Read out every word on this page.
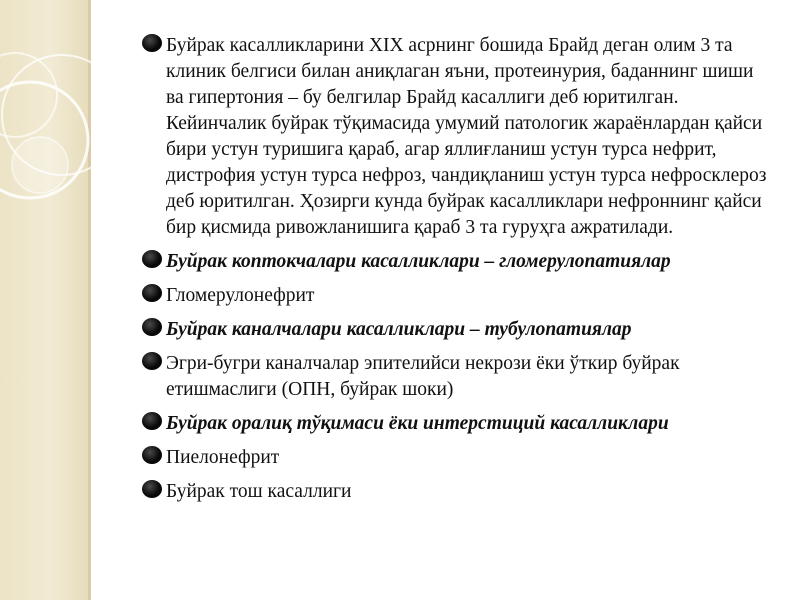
Буйрак касалликларини XIX асрнинг бошида Брайд деган олим 3 та клиник белгиси билан аниқлаган яъни, протеинурия, баданнинг шиши ва гипертония – бу белгилар Брайд касаллиги деб юритилган. Кейинчалик буйрак тўқимасида умумий патологик жараёнлардан қайси бири устун туришига қараб, агар яллиғланиш устун турса нефрит, дистрофия устун турса нефроз, чандиқланиш устун турса нефросклероз деб юритилган. Ҳозирги кунда буйрак касалликлари нефроннинг қайси бир қисмида ривожланишига қараб 3 та гуруҳга ажратилади.
Буйрак коптокчалари касалликлари – гломерулопатиялар
Гломерулонефрит
Буйрак каналчалари касалликлари – тубулопатиялар
Эгри-бугри каналчалар эпителийси некрози ёки ўткир буйрак етишмаслиги (ОПН, буйрак шоки)
Буйрак оралиқ тўқимаси ёки интерстиций касалликлари
Пиелонефрит
Буйрак тош касаллиги
